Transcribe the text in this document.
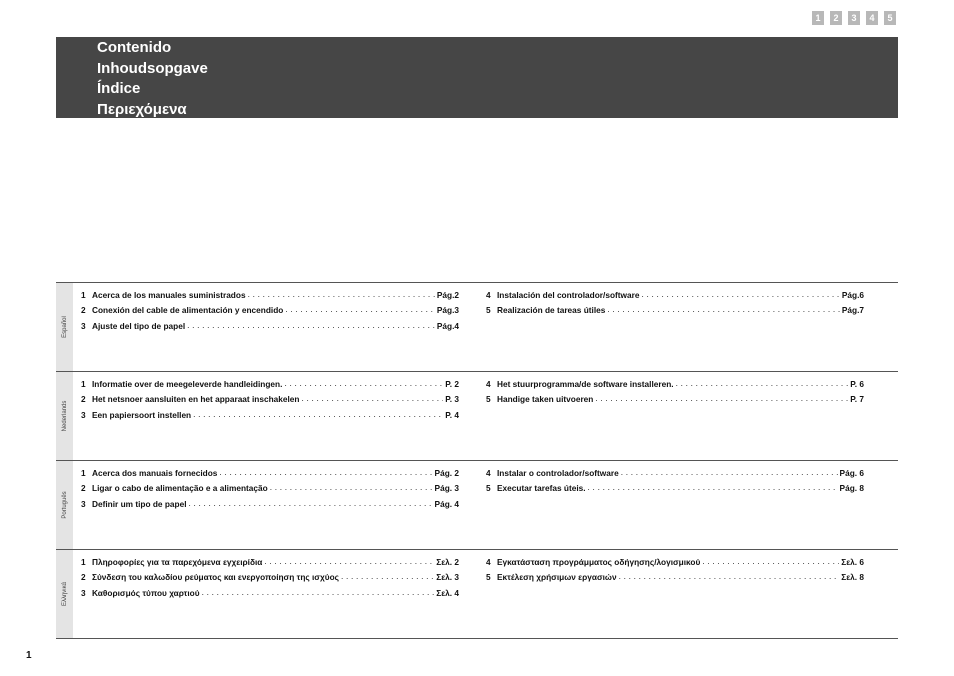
1	2	3	4	5

Contenido

Inhoudsopgave

Índice

Περιεχόμενα

Español
1 Acerca de los manuales suministrados . . .	Pág.2
2 Conexión del cable de alimentación y encendido . . .	Pág.3
3 Ajuste del tipo de papel . . .	Pág.4
4 Instalación del controlador/software . . .	Pág.6
5 Realización de tareas útiles . . .	Pág.7
Nederlands
1 Informatie over de meegeleverde handleidingen. . . .	P. 2
2 Het netsnoer aansluiten en het apparaat inschakelen . . .	P. 3
3 Een papiersoort instellen . . .	P. 4
4 Het stuurprogramma/de software installeren. . . .	P. 6
5 Handige taken uitvoeren . . .	P. 7
Português
1 Acerca dos manuais fornecidos . . .	Pág. 2
2 Ligar o cabo de alimentação e a alimentação . . .	Pág. 3
3 Definir um tipo de papel . . .	Pág. 4
4 Instalar o controlador/software . . .	Pág. 6
5 Executar tarefas úteis. . . .	Pág. 8
Ελληνικά
1 Πληροφορίες για τα παρεχόμενα εγχειρίδια . . .	Σελ. 2
2 Σύνδεση του καλωδίου ρεύματος και ενεργοποίηση της ισχύος . . .	Σελ. 3
3 Καθορισμός τύπου χαρτιού . . .	Σελ. 4
4 Εγκατάσταση προγράμματος οδήγησης/λογισμικού . . .	Σελ. 6
5 Εκτέλεση χρήσιμων εργασιών . . .	Σελ. 8
1
